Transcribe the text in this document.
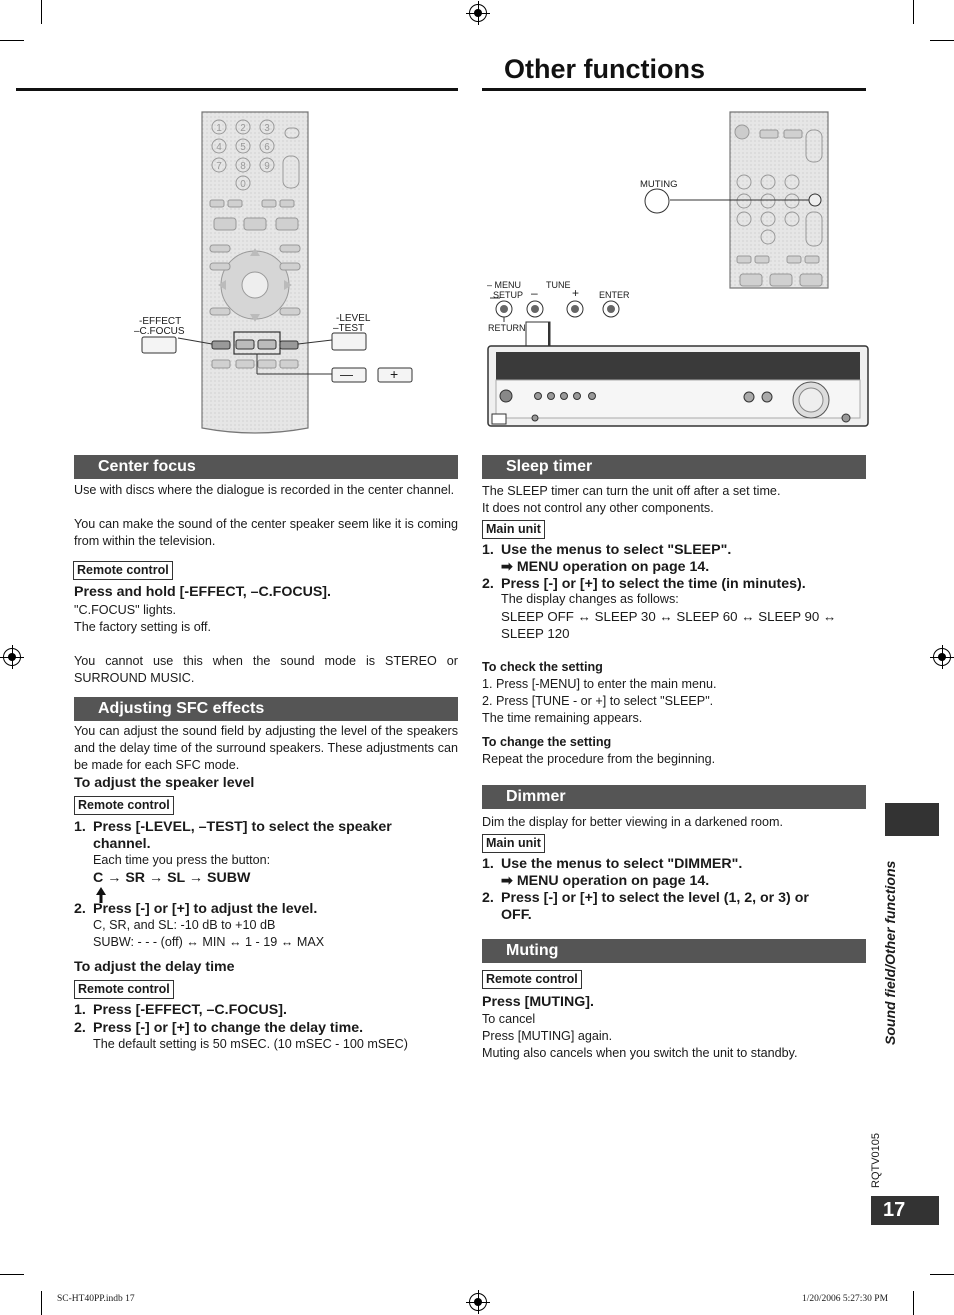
Other functions
1 2 3
4 5 6
7 8 9
0
-EFFECT
–C.FOCUS
-LEVEL
–TEST
—	+
MUTING
– MENU
SETUP
RETURN
TUNE
–	+ ENTER
Center focus
Use with discs where the dialogue is recorded in the center channel.
You can make the sound of the center speaker seem like it is coming from within the television.
Remote control
Press and hold [-EFFECT, –C.FOCUS].
"C.FOCUS" lights.
The factory setting is off.
You cannot use this when the sound mode is STEREO or SURROUND MUSIC.
Adjusting SFC effects
You can adjust the sound field by adjusting the level of the speakers and the delay time of the surround speakers. These adjustments can be made for each SFC mode.
To adjust the speaker level
Remote control
1. Press [-LEVEL, –TEST] to select the speaker channel.
Each time you press the button:
C → SR → SL → SUBW
2. Press [-] or [+] to adjust the level.
C, SR, and SL: -10 dB to +10 dB
SUBW: - - - (off) ↔ MIN ↔ 1 - 19 ↔ MAX
To adjust the delay time
Remote control
1. Press [-EFFECT, –C.FOCUS].
2. Press [-] or [+] to change the delay time.
The default setting is 50 mSEC. (10 mSEC - 100 mSEC)
Sleep timer
The SLEEP timer can turn the unit off after a set time.
It does not control any other components.
Main unit
1. Use the menus to select "SLEEP".
➡ MENU operation on page 14.
2. Press [-] or [+] to select the time (in minutes).
The display changes as follows:
SLEEP OFF ↔ SLEEP 30 ↔ SLEEP 60 ↔ SLEEP 90 ↔
SLEEP 120
To check the setting
1. Press [-MENU] to enter the main menu.
2. Press [TUNE - or +] to select "SLEEP".
The time remaining appears.
To change the setting
Repeat the procedure from the beginning.
Dimmer
Dim the display for better viewing in a darkened room.
Main unit
1. Use the menus to select "DIMMER".
➡ MENU operation on page 14.
2. Press [-] or [+] to select the level (1, 2, or 3) or OFF.
Muting
Remote control
Press [MUTING].
To cancel
Press [MUTING] again.
Muting also cancels when you switch the unit to standby.
Sound field/Other functions
RQTV0105
17
SC-HT40PP.indb 17	1/20/2006 5:27:30 PM
